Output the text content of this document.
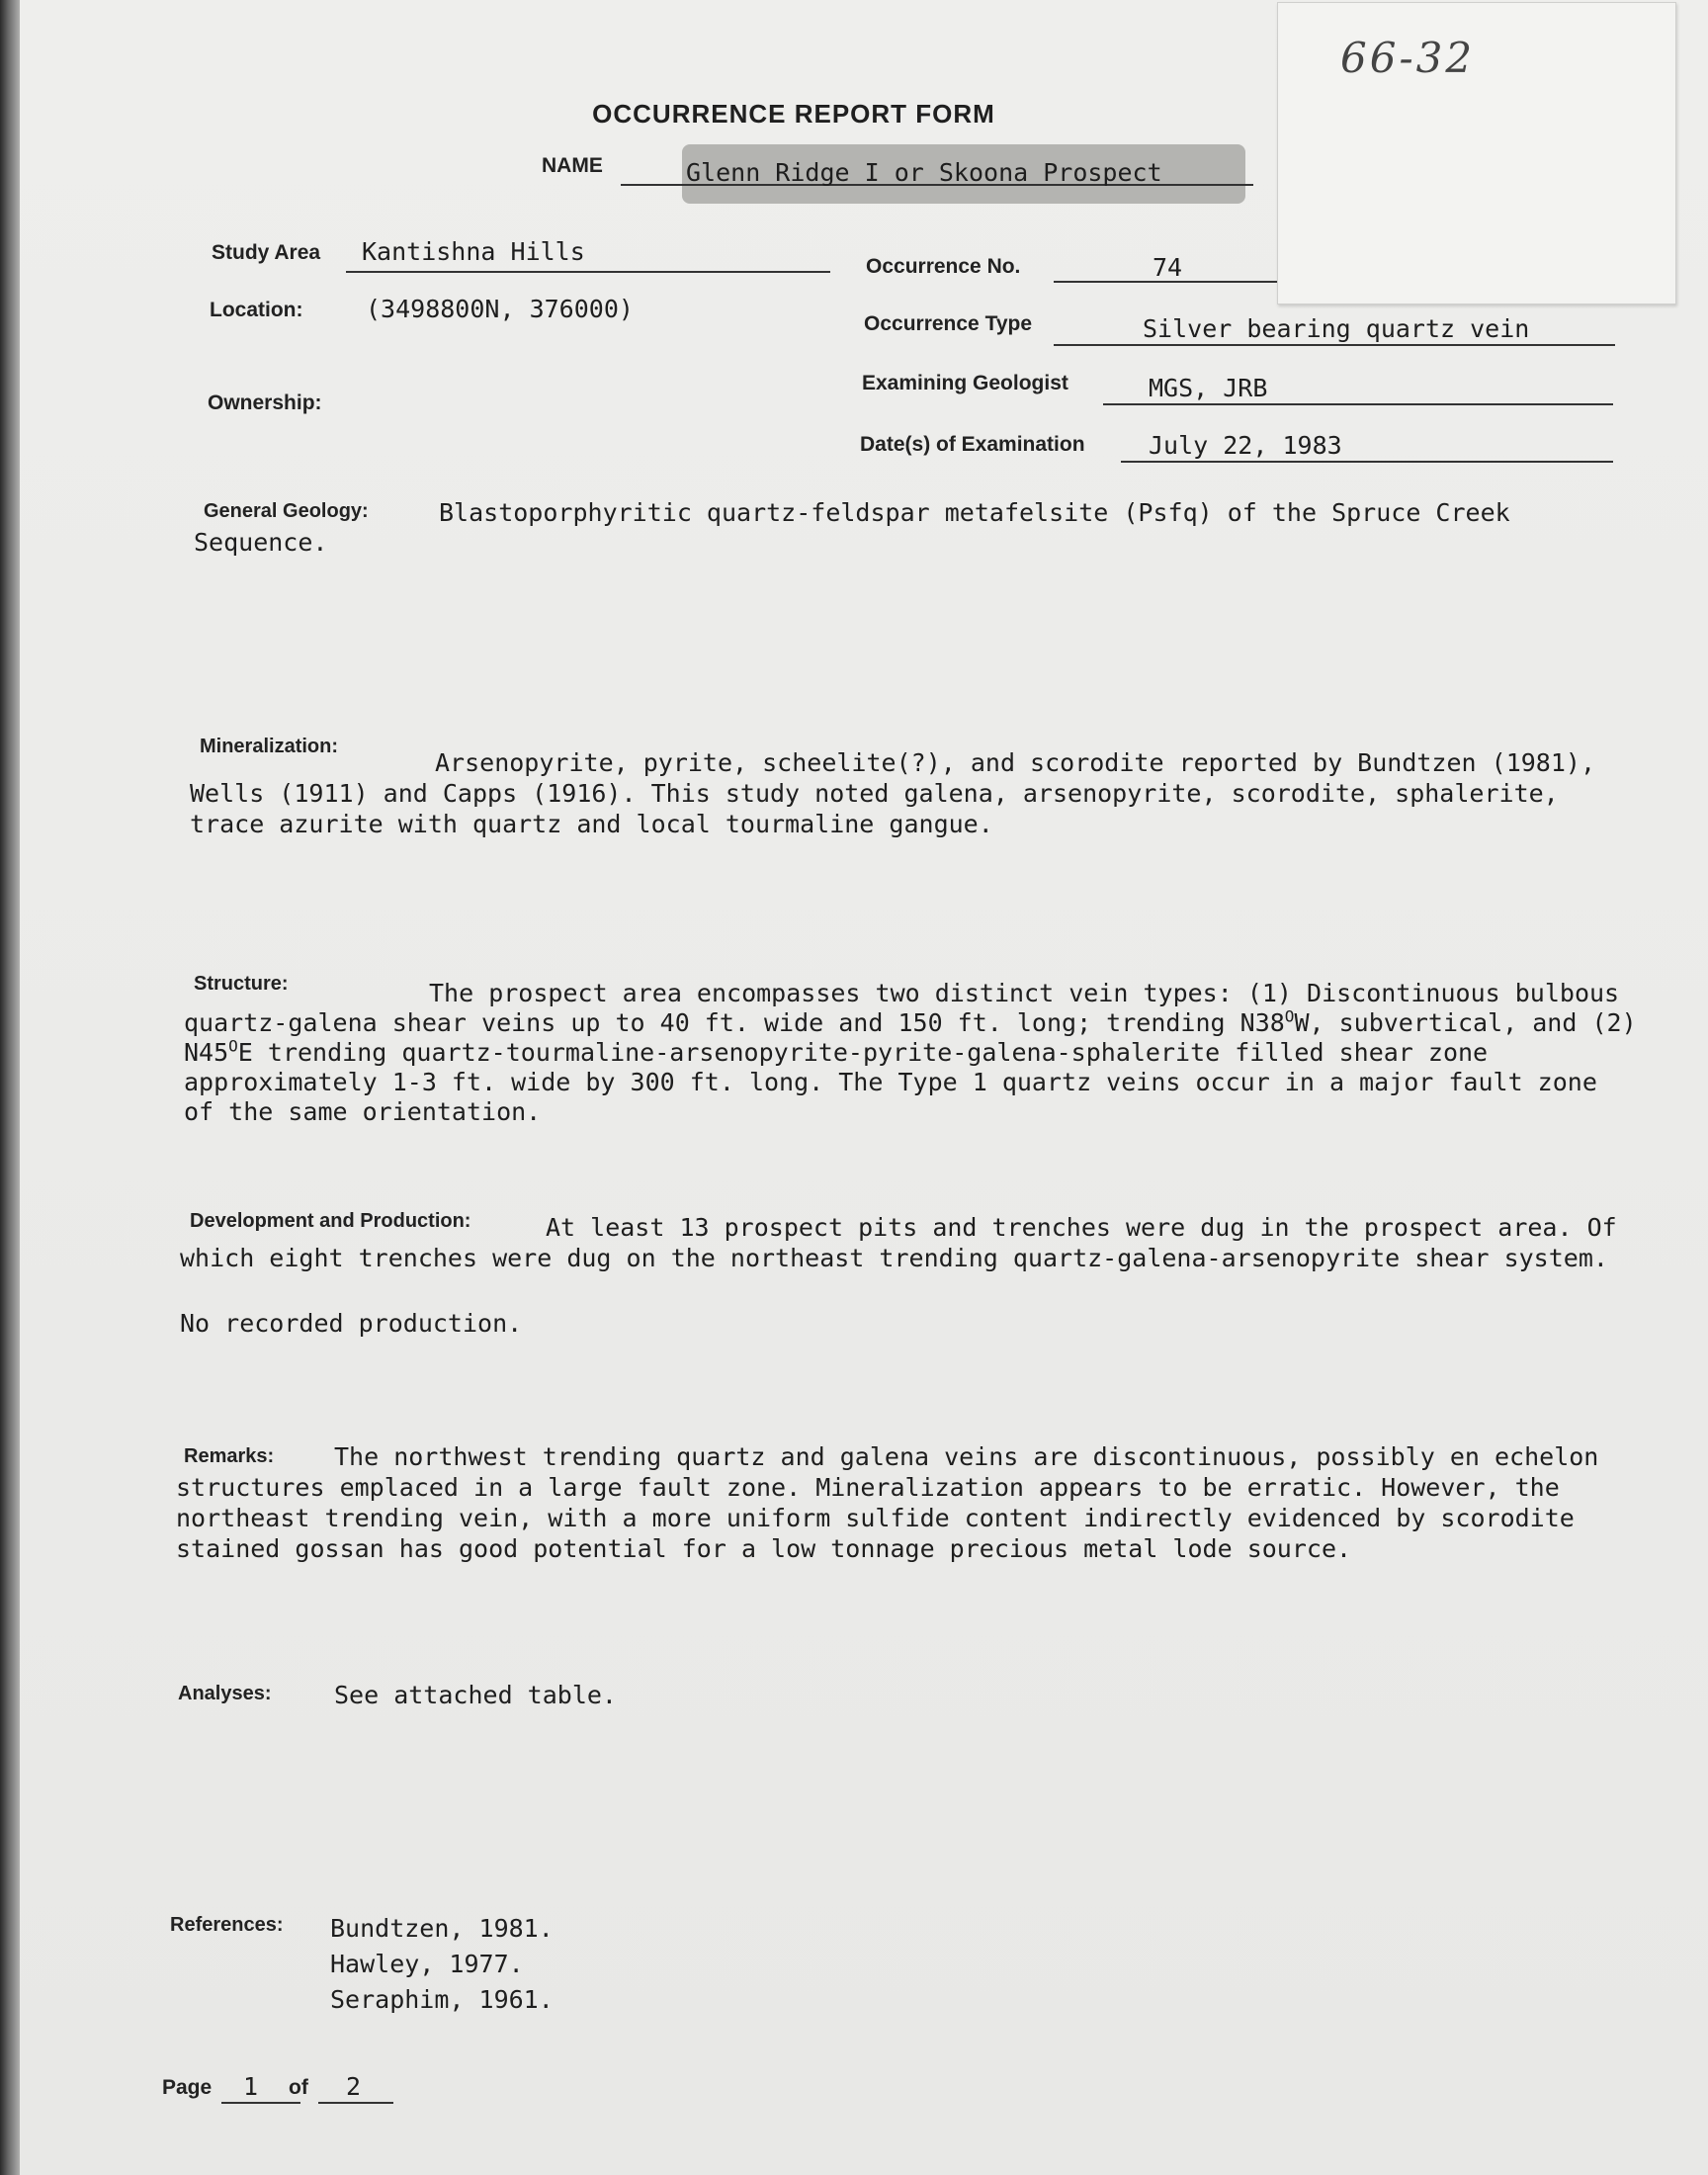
66-32
OCCURRENCE REPORT FORM
NAME	Glenn Ridge I or Skoona Prospect
Study Area Kantishna Hills
Occurrence No.	74
Location:	(3498800N, 376000)
Occurrence Type	Silver bearing quartz vein
Examining Geologist	MGS, JRB
Ownership:
Date(s) of Examination	July 22, 1983
General Geology:	Blastoporphyritic quartz-feldspar metafelsite (Psfq) of the Spruce Creek Sequence.
Mineralization:
Arsenopyrite, pyrite, scheelite(?), and scorodite reported by Bundtzen (1981), Wells (1911) and Capps (1916). This study noted galena, arsenopyrite, scorodite, sphalerite, trace azurite with quartz and local tourmaline gangue.
Structure:	The prospect area encompasses two distinct vein types: (1) Discontinuous bulbous quartz-galena shear veins up to 40 ft. wide and 150 ft. long; trending $N38^OW$, subvertical, and (2) $N45^OE$ trending quartz-tourmaline-arsenopyrite-pyrite-galena-sphalerite filled shear zone approximately 1-3 ft. wide by 300 ft. long. The Type 1 quartz veins occur in a major fault zone of the same orientation.
Development and Production:	At least 13 prospect pits and trenches were dug in the prospect area. Of which eight trenches were dug on the northeast trending quartz-galena-arsenopyrite shear system.
No recorded production.
Remarks:	The northwest trending quartz and galena veins are discontinuous, possibly en echelon structures emplaced in a large fault zone. Mineralization appears to be erratic. However, the northeast trending vein, with a more uniform sulfide content indirectly evidenced by scorodite stained gossan has good potential for a low tonnage precious metal lode source.
Analyses:	See attached table.
References: Bundtzen, 1981.
Hawley, 1977.
Seraphim, 1961.
Page 1 of 2
